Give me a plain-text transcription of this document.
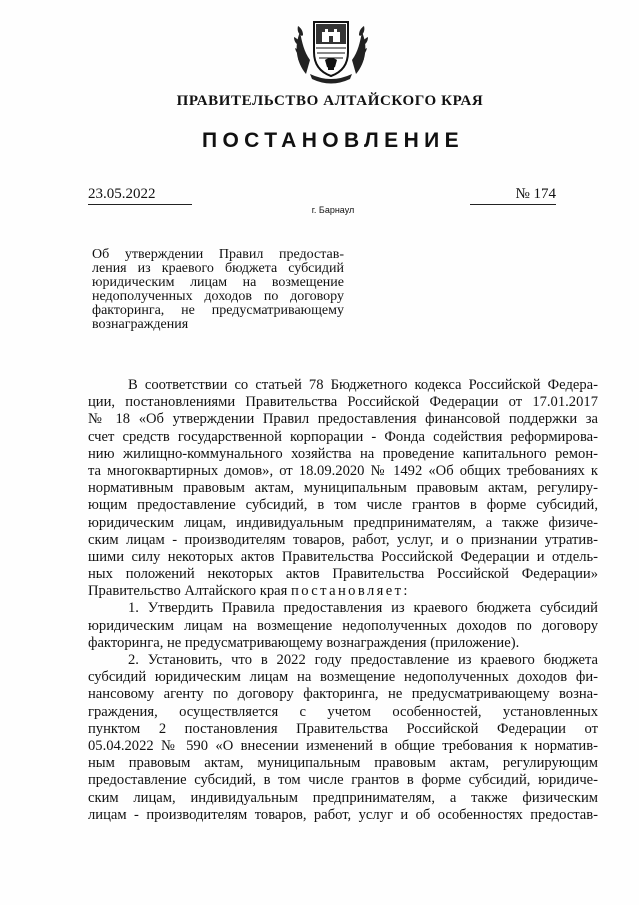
ПРАВИТЕЛЬСТВО АЛТАЙСКОГО КРАЯ
ПОСТАНОВЛЕНИЕ
23.05.2022	№ 174
г. Барнаул
Об утверждении Правил предостав-
ления из краевого бюджета субсидий
юридическим лицам на возмещение
недополученных доходов по договору
факторинга, не предусматривающему
вознаграждения
В соответствии со статьей 78 Бюджетного кодекса Российской Федера-
ции, постановлениями Правительства Российской Федерации от 17.01.2017
№ 18 «Об утверждении Правил предоставления финансовой поддержки за
счет средств государственной корпорации - Фонда содействия реформирова-
нию жилищно-коммунального хозяйства на проведение капитального ремон-
та многоквартирных домов», от 18.09.2020 № 1492 «Об общих требованиях к
нормативным правовым актам, муниципальным правовым актам, регулиру-
ющим предоставление субсидий, в том числе грантов в форме субсидий,
юридическим лицам, индивидуальным предпринимателям, а также физиче-
ским лицам - производителям товаров, работ, услуг, и о признании утратив-
шими силу некоторых актов Правительства Российской Федерации и отдель-
ных положений некоторых актов Правительства Российской Федерации»
Правительство Алтайского края постановляет:
1. Утвердить Правила предоставления из краевого бюджета субсидий
юридическим лицам на возмещение недополученных доходов по договору
факторинга, не предусматривающему вознаграждения (приложение).
2. Установить, что в 2022 году предоставление из краевого бюджета
субсидий юридическим лицам на возмещение недополученных доходов фи-
нансовому агенту по договору факторинга, не предусматривающему возна-
граждения, осуществляется с учетом особенностей, установленных
пунктом 2 постановления Правительства Российской Федерации от
05.04.2022 № 590 «О внесении изменений в общие требования к норматив-
ным правовым актам, муниципальным правовым актам, регулирующим
предоставление субсидий, в том числе грантов в форме субсидий, юридиче-
ским лицам, индивидуальным предпринимателям, а также физическим
лицам - производителям товаров, работ, услуг и об особенностях предостав-
